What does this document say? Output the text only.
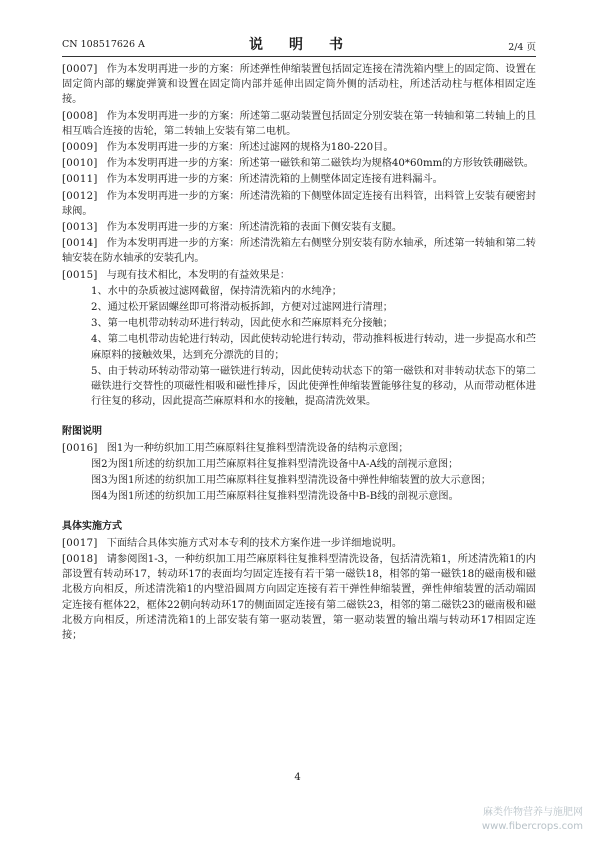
CN 108517626 A	说　明　书	2/4 页

[0007] 作为本发明再进一步的方案：所述弹性伸缩装置包括固定连接在清洗箱内壁上的固定筒、设置在固定筒内部的螺旋弹簧和设置在固定筒内部并延伸出固定筒外侧的活动柱，所述活动柱与框体相固定连接。

[0008] 作为本发明再进一步的方案：所述第二驱动装置包括固定分别安装在第一转轴和第二转轴上的且相互啮合连接的齿轮，第二转轴上安装有第二电机。

[0009] 作为本发明再进一步的方案：所述过滤网的规格为180-220目。

[0010] 作为本发明再进一步的方案：所述第一磁铁和第二磁铁均为规格40*60mm的方形钕铁硼磁铁。

[0011] 作为本发明再进一步的方案：所述清洗箱的上侧壁体固定连接有进料漏斗。

[0012] 作为本发明再进一步的方案：所述清洗箱的下侧壁体固定连接有出料管，出料管上安装有硬密封球阀。

[0013] 作为本发明再进一步的方案：所述清洗箱的表面下侧安装有支腿。

[0014] 作为本发明再进一步的方案：所述清洗箱左右侧壁分别安装有防水轴承，所述第一转轴和第二转轴安装在防水轴承的安装孔内。

[0015] 与现有技术相比，本发明的有益效果是：

1、水中的杂质被过滤网截留，保持清洗箱内的水纯净；

2、通过松开紧固螺丝即可将滑动板拆卸，方便对过滤网进行清理；

3、第一电机带动转动环进行转动，因此使水和苎麻原料充分接触；

4、第二电机带动齿轮进行转动，因此使转动轮进行转动，带动推料板进行转动，进一步提高水和苎麻原料的接触效果，达到充分漂洗的目的；

5、由于转动环转动带动第一磁铁进行转动，因此使转动状态下的第一磁铁和对非转动状态下的第二磁铁进行交替性的项磁性相吸和磁性排斥，因此使弹性伸缩装置能够往复的移动，从而带动框体进行往复的移动，因此提高苎麻原料和水的接触，提高清洗效果。

附图说明

[0016] 图1为一种纺织加工用苎麻原料往复推料型清洗设备的结构示意图；

图2为图1所述的纺织加工用苎麻原料往复推料型清洗设备中A-A线的剖视示意图；

图3为图1所述的纺织加工用苎麻原料往复推料型清洗设备中弹性伸缩装置的放大示意图；

图4为图1所述的纺织加工用苎麻原料往复推料型清洗设备中B-B线的剖视示意图。

具体实施方式

[0017] 下面结合具体实施方式对本专利的技术方案作进一步详细地说明。

[0018] 请参阅图1-3，一种纺织加工用苎麻原料往复推料型清洗设备，包括清洗箱1，所述清洗箱1的内部设置有转动环17，转动环17的表面均匀固定连接有若干第一磁铁18，相邻的第一磁铁18的磁南极和磁北极方向相反，所述清洗箱1的内壁沿圆周方向固定连接有若干弹性伸缩装置，弹性伸缩装置的活动端固定连接有框体22，框体22朝向转动环17的侧面固定连接有第二磁铁23，相邻的第二磁铁23的磁南极和磁北极方向相反，所述清洗箱1的上部安装有第一驱动装置，第一驱动装置的输出端与转动环17相固定连接；

4
麻类作物营养与施肥网
www.fibercrops.com
